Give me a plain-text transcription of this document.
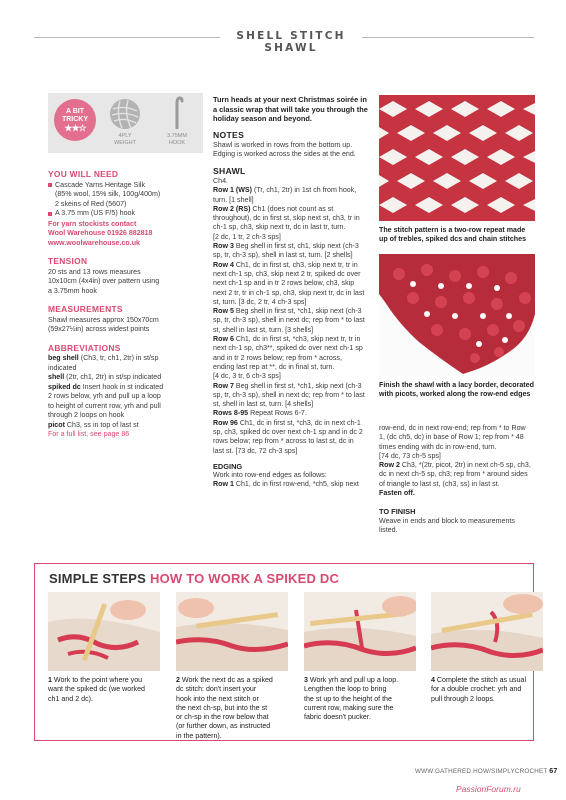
SHELL STITCH SHAWL
A BIT
TRICKY
★★☆
4PLY
WEIGHT
3.75MM
HOOK
YOU WILL NEED
Cascade Yarns Heritage Silk
(85% wool, 15% silk, 100g/400m)
2 skeins of Red (5607)
A 3.75 mm (US F/5) hook
For yarn stockists contact
Wool Warehouse 01926 882818
www.woolwarehouse.co.uk
TENSION
20 sts and 13 rows measures
10x10cm (4x4in) over pattern using
a 3.75mm hook
MEASUREMENTS
Shawl measures approx 150x70cm
(59x27½in) across widest points
ABBREVIATIONS
beg shell (Ch3, tr, ch1, 2tr) in st/sp
indicated
shell (2tr, ch1, 2tr) in st/sp indicated
spiked dc Insert hook in st indicated
2 rows below, yrh and pull up a loop
to height of current row, yrh and pull
through 2 loops on hook
picot Ch3, ss in top of last st
For a full list, see page 86
Turn heads at your next Christmas soirée in
a classic wrap that will take you through the
holiday season and beyond.
NOTES
Shawl is worked in rows from the bottom up.
Edging is worked across the sides at the end.
SHAWL
Ch4.
Row 1 (WS) (Tr, ch1, 2tr) in 1st ch from hook,
turn. [1 shell]
Row 2 (RS) Ch1 (does not count as st
throughout), dc in first st, skip next st, ch3, tr in
ch-1 sp, ch3, skip next tr, dc in last tr, turn.
[2 dc, 1 tr, 2 ch-3 sps]
Row 3 Beg shell in first st, ch1, skip next (ch-3
sp, tr, ch-3 sp), shell in last st, turn. [2 shells]
Row 4 Ch1, dc in first st, ch3, skip next tr, tr in
next ch-1 sp, ch3, skip next 2 tr, spiked dc over
next ch-1 sp and in tr 2 rows below, ch3, skip
next 2 tr, tr in ch-1 sp, ch3, skip next tr, dc in last
st, turn. [3 dc, 2 tr, 4 ch-3 sps]
Row 5 Beg shell in first st, *ch1, skip next (ch-3
sp, tr, ch-3 sp), shell in next dc; rep from * to last
st, shell in last st, turn. [3 shells]
Row 6 Ch1, dc in first st, *ch3, skip next tr, tr in
next ch-1 sp, ch3**, spiked dc over next ch-1 sp
and in tr 2 rows below; rep from * across,
ending last rep at **, dc in final st, turn.
[4 dc, 3 tr, 6 ch-3 sps]
Row 7 Beg shell in first st, *ch1, skip next (ch-3
sp, tr, ch-3 sp), shell in next dc; rep from * to last
st, shell in last st, turn. [4 shells]
Rows 8-95 Repeat Rows 6-7.
Row 96 Ch1, dc in first st, *ch3, dc in next ch-1
sp, ch3, spiked dc over next ch-1 sp and in dc 2
rows below; rep from * across to last st, dc in
last st. [73 dc, 72 ch-3 sps]
EDGING
Work into row-end edges as follows:
Row 1 Ch1, dc in first row-end, *ch5, skip next
The stitch pattern is a two-row repeat made
up of trebles, spiked dcs and chain stitches
Finish the shawl with a lacy border, decorated
with picots, worked along the row-end edges
row-end, dc in next row-end; rep from * to Row
1, (dc ch5, dc) in base of Row 1; rep from * 48
times ending with dc in row-end, turn.
[74 dc, 73 ch-5 sps]
Row 2 Ch3, *(2tr, picot, 2tr) in next ch-5 sp, ch3,
dc in next ch-5 sp, ch3; rep from * around sides
of triangle to last st, (ch3, ss) in last st.
Fasten off.
TO FINISH
Weave in ends and block to measurements
listed.
SIMPLE STEPS HOW TO WORK A SPIKED DC
1 Work to the point where you
want the spiked dc (we worked
ch1 and 2 dc).
2 Work the next dc as a spiked
dc stitch: don't insert your
hook into the next stitch or
the next ch-sp, but into the st
or ch-sp in the row below that
(or further down, as instructed
in the pattern).
3 Work yrh and pull up a loop.
Lengthen the loop to bring
the st up to the height of the
current row, making sure the
fabric doesn't pucker.
4 Complete the stitch as usual
for a double crochet: yrh and
pull through 2 loops.
WWW.GATHERED.HOW/SIMPLYCROCHET 67
PassionForum.ru
